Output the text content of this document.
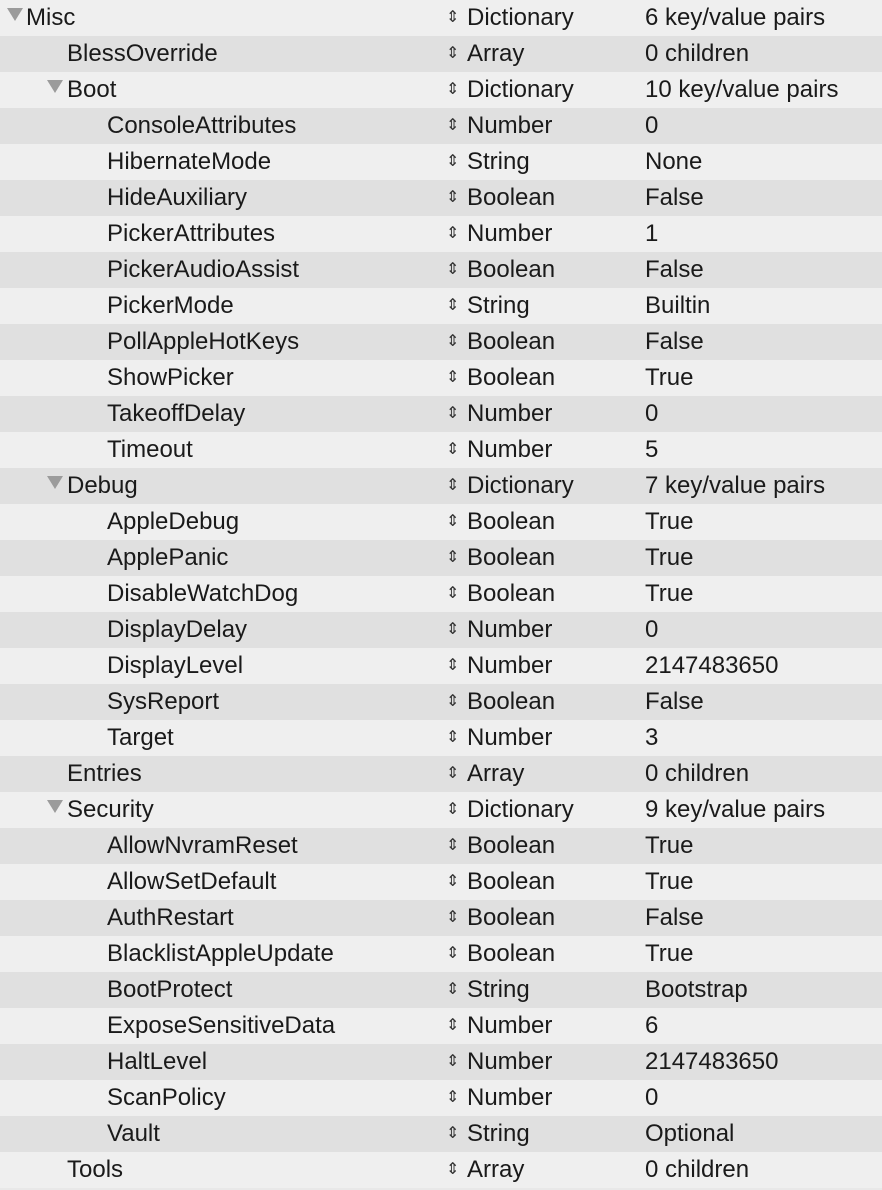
Misc	⇕ Dictionary	6 key/value pairs
BlessOverride	⇕ Array	0 children
Boot	⇕ Dictionary	10 key/value pairs
ConsoleAttributes	⇕ Number	0
HibernateMode	⇕ String	None
HideAuxiliary	⇕ Boolean	False
PickerAttributes	⇕ Number	1
PickerAudioAssist	⇕ Boolean	False
PickerMode	⇕ String	Builtin
PollAppleHotKeys	⇕ Boolean	False
ShowPicker	⇕ Boolean	True
TakeoffDelay	⇕ Number	0
Timeout	⇕ Number	5
Debug	⇕ Dictionary	7 key/value pairs
AppleDebug	⇕ Boolean	True
ApplePanic	⇕ Boolean	True
DisableWatchDog	⇕ Boolean	True
DisplayDelay	⇕ Number	0
DisplayLevel	⇕ Number	2147483650
SysReport	⇕ Boolean	False
Target	⇕ Number	3
Entries	⇕ Array	0 children
Security	⇕ Dictionary	9 key/value pairs
AllowNvramReset	⇕ Boolean	True
AllowSetDefault	⇕ Boolean	True
AuthRestart	⇕ Boolean	False
BlacklistAppleUpdate	⇕ Boolean	True
BootProtect	⇕ String	Bootstrap
ExposeSensitiveData	⇕ Number	6
HaltLevel	⇕ Number	2147483650
ScanPolicy	⇕ Number	0
Vault	⇕ String	Optional
Tools	⇕ Array	0 children
